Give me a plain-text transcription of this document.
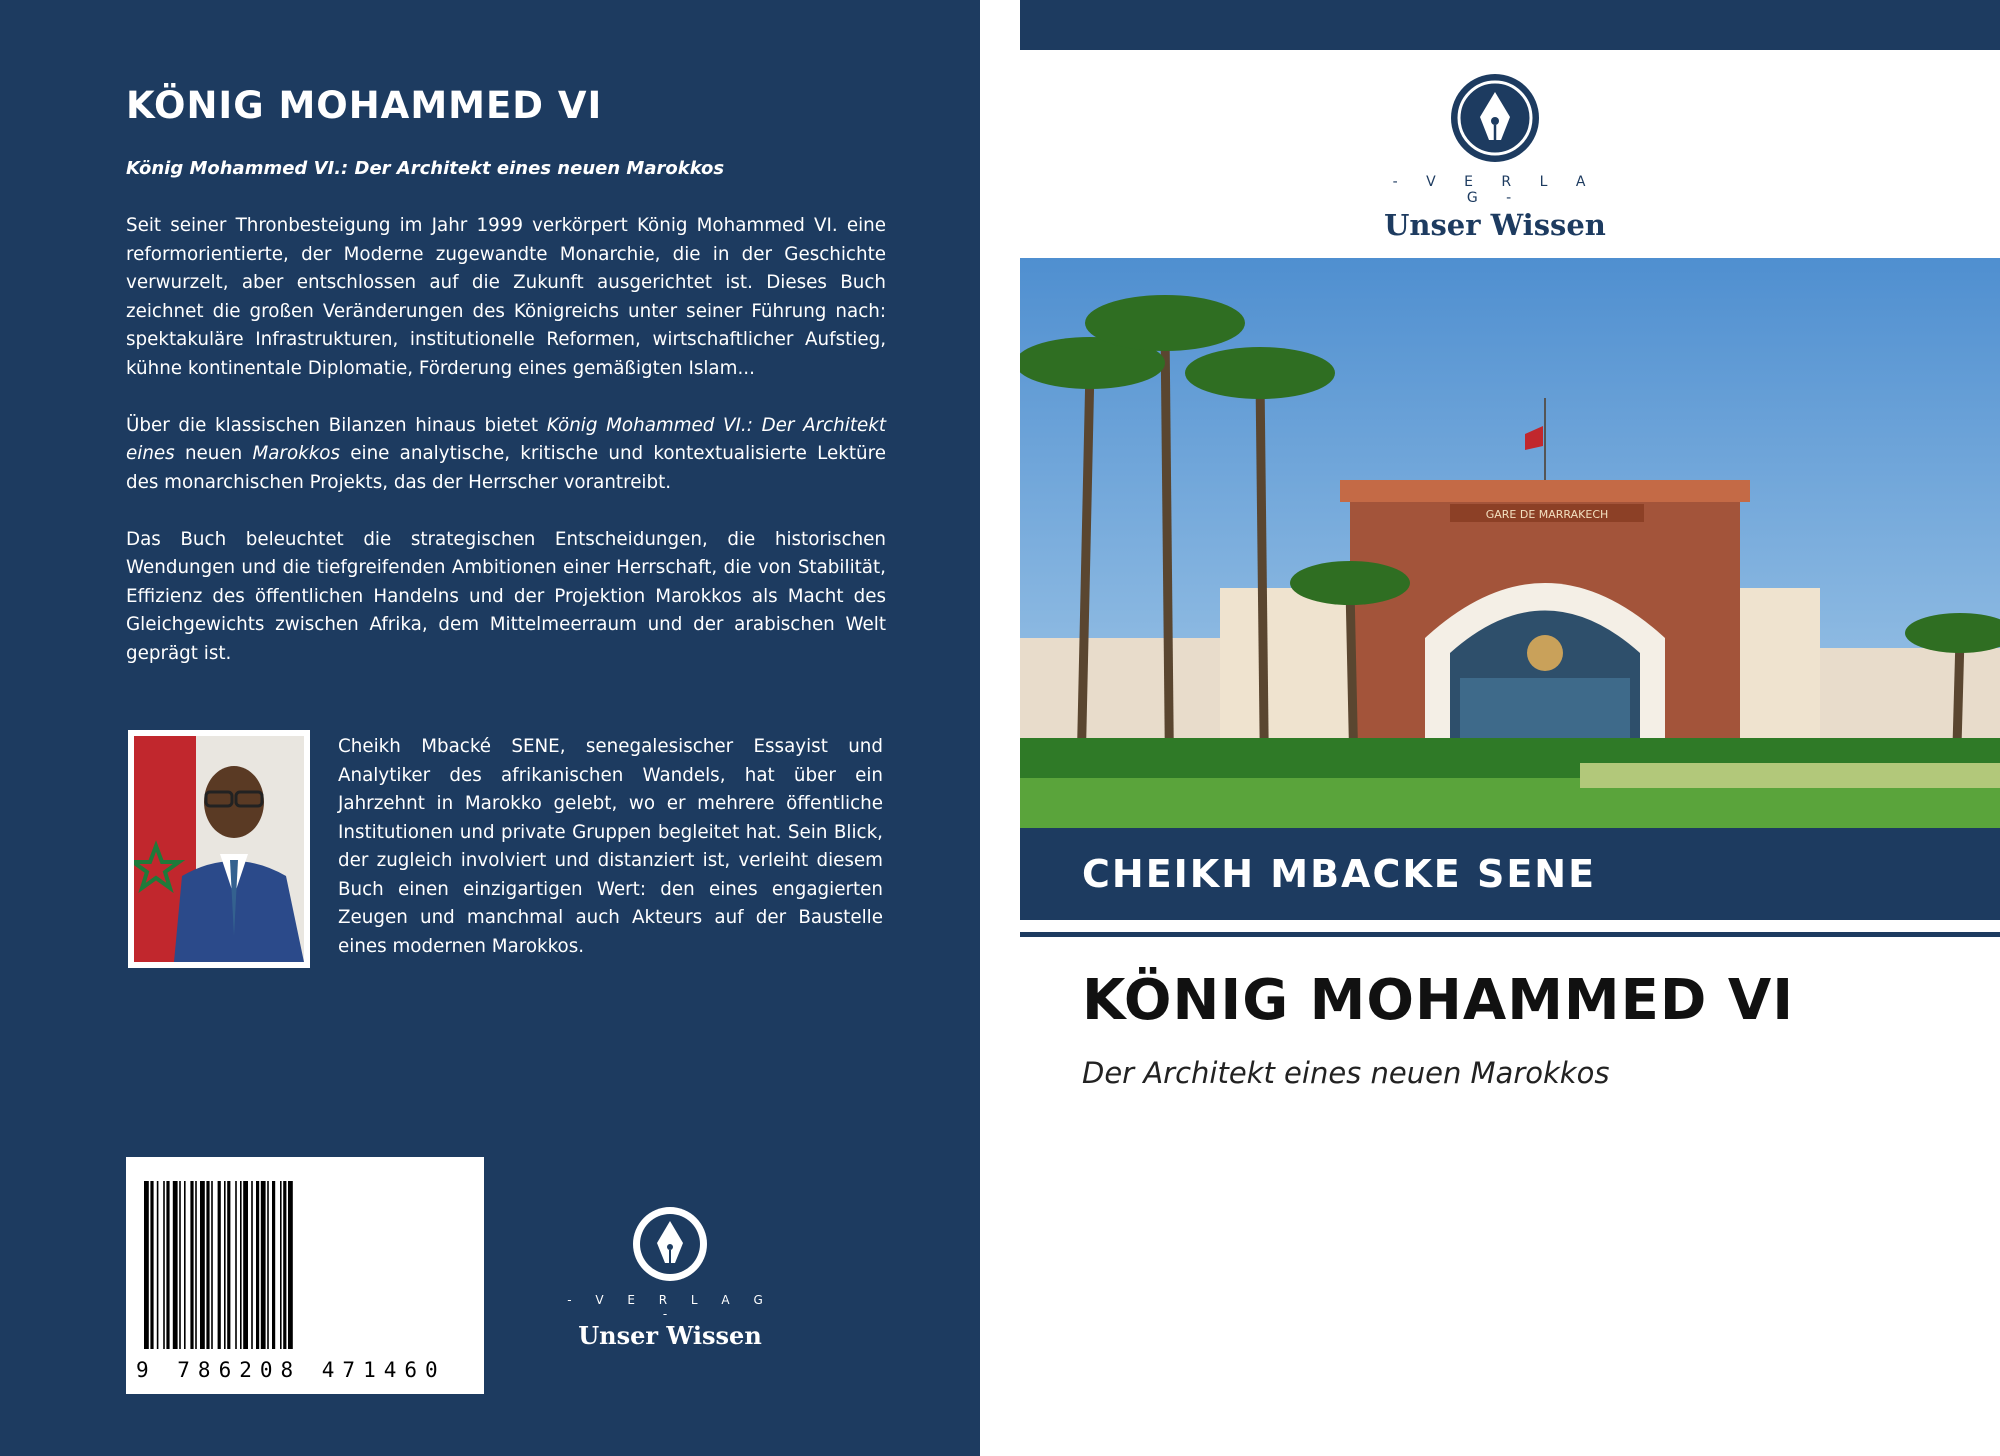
KÖNIG MOHAMMED VI

König Mohammed VI.: Der Architekt eines neuen Marokkos

Seit seiner Thronbesteigung im Jahr 1999 verkörpert König Mohammed VI. eine reformorientierte, der Moderne zugewandte Monarchie, die in der Geschichte verwurzelt, aber entschlossen auf die Zukunft ausgerichtet ist. Dieses Buch zeichnet die großen Veränderungen des Königreichs unter seiner Führung nach: spektakuläre Infrastrukturen, institutionelle Reformen, wirtschaftlicher Aufstieg, kühne kontinentale Diplomatie, Förderung eines gemäßigten Islam...

Über die klassischen Bilanzen hinaus bietet König Mohammed VI.: Der Architekt eines neuen Marokkos eine analytische, kritische und kontextualisierte Lektüre des monarchischen Projekts, das der Herrscher vorantreibt.

Das Buch beleuchtet die strategischen Entscheidungen, die historischen Wendungen und die tiefgreifenden Ambitionen einer Herrschaft, die von Stabilität, Effizienz des öffentlichen Handelns und der Projektion Marokkos als Macht des Gleichgewichts zwischen Afrika, dem Mittelmeerraum und der arabischen Welt geprägt ist.

Cheikh Mbacké SENE, senegalesischer Essayist und Analytiker des afrikanischen Wandels, hat über ein Jahrzehnt in Marokko gelebt, wo er mehrere öffentliche Institutionen und private Gruppen begleitet hat. Sein Blick, der zugleich involviert und distanziert ist, verleiht diesem Buch einen einzigartigen Wert: den eines engagierten Zeugen und manchmal auch Akteurs auf der Baustelle eines modernen Marokkos.

9 786208 471460
- V E R L A G -
Unser Wissen
- V E R L A G -
Unser Wissen
GARE DE MARRAKECH
CHEIKH MBACKE SENE
KÖNIG MOHAMMED VI
Der Architekt eines neuen Marokkos
